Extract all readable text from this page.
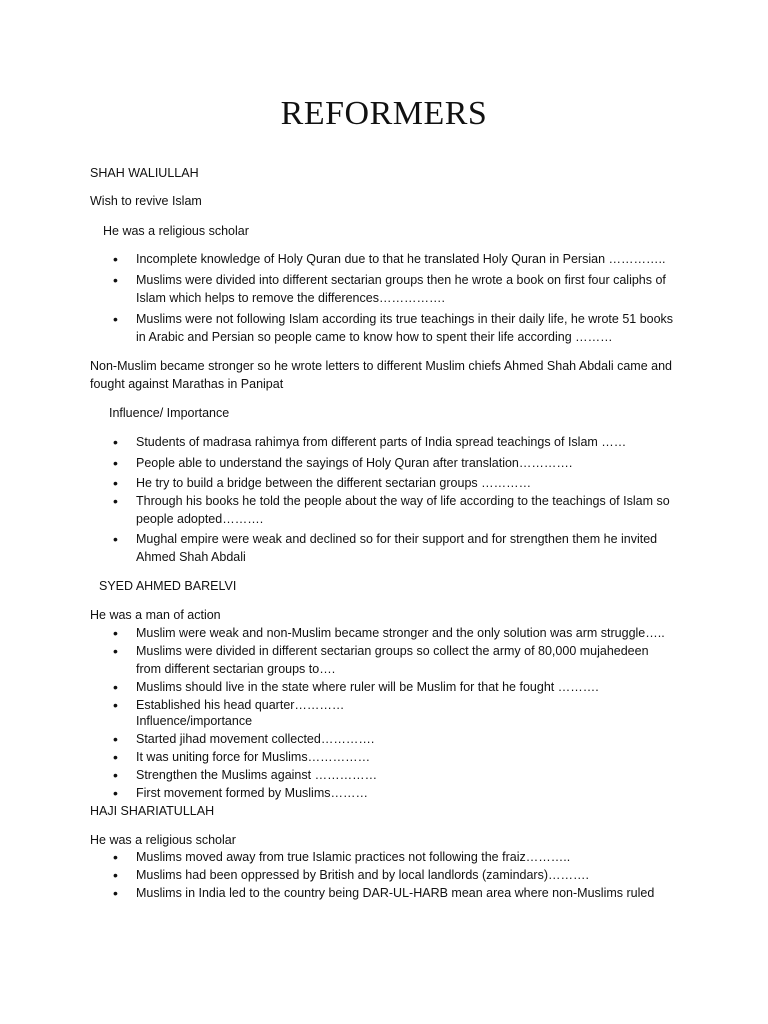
REFORMERS
SHAH WALIULLAH
Wish to revive Islam
He was a religious scholar
• Incomplete knowledge of Holy Quran due to that he translated Holy Quran in Persian …………..
• Muslims were divided into different sectarian groups then he wrote a book on first four caliphs of Islam which helps to remove the differences…………….
• Muslims were not following Islam according its true teachings in their daily life, he wrote 51 books in Arabic and Persian so people came to know how to spent their life according ………
Non-Muslim became stronger so he wrote letters to different Muslim chiefs Ahmed Shah Abdali came and fought against Marathas in Panipat
Influence/ Importance
• Students of madrasa rahimya from different parts of India spread teachings of Islam ……
• People able to understand the sayings of Holy Quran after translation………….
• He try to build a bridge between the different sectarian groups …………
• Through his books he told the people about the way of life according to the teachings of Islam so people adopted……….
• Mughal empire were weak and declined so for their support and for strengthen them he invited Ahmed Shah Abdali
SYED AHMED BARELVI
He was a man of action
• Muslim were weak and non-Muslim became stronger and the only solution was arm struggle…..
• Muslims were divided in different sectarian groups so collect the army of 80,000 mujahedeen from different sectarian groups to….
• Muslims should live in the state where ruler will be Muslim for that he fought ……….
• Established his head quarter…………
Influence/importance
• Started jihad movement collected………….
• It was uniting force for Muslims……………
• Strengthen the Muslims against ……………
• First movement formed by Muslims………
HAJI SHARIATULLAH
He was a religious scholar
• Muslims moved away from true Islamic practices not following the fraiz………..
• Muslims had been oppressed by British and by local landlords (zamindars)……….
• Muslims in India led to the country being DAR-UL-HARB mean area where non-Muslims ruled
